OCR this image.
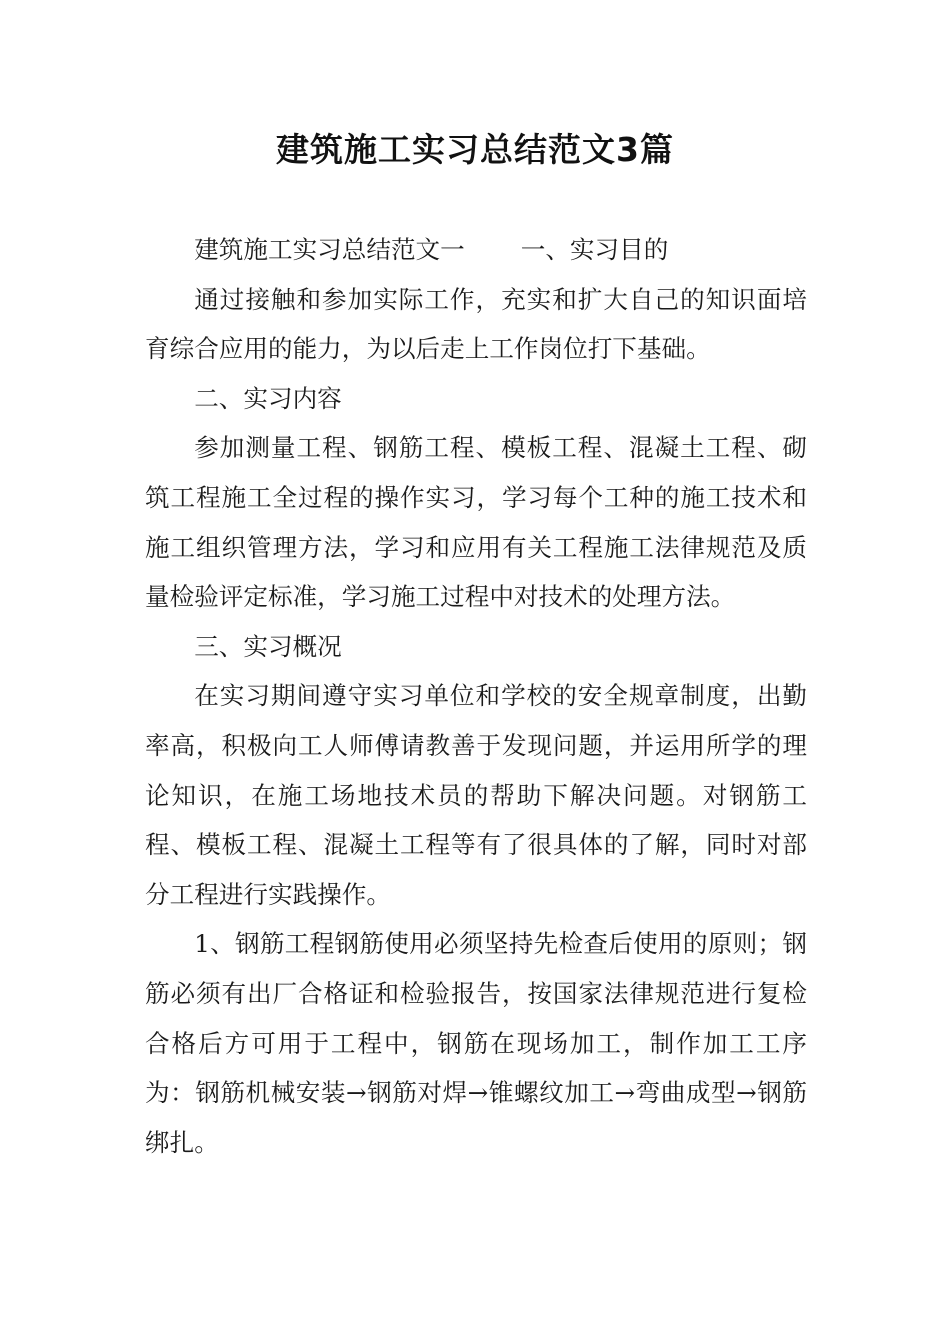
建筑施工实习总结范文3篇

建筑施工实习总结范文一 一、实习目的

通过接触和参加实际工作，充实和扩大自己的知识面培育综合应用的能力，为以后走上工作岗位打下基础。

二、实习内容

参加测量工程、钢筋工程、模板工程、混凝土工程、砌筑工程施工全过程的操作实习，学习每个工种的施工技术和施工组织管理方法，学习和应用有关工程施工法律规范及质量检验评定标准，学习施工过程中对技术的处理方法。

三、实习概况

在实习期间遵守实习单位和学校的安全规章制度，出勤率高，积极向工人师傅请教善于发现问题，并运用所学的理论知识，在施工场地技术员的帮助下解决问题。对钢筋工程、模板工程、混凝土工程等有了很具体的了解，同时对部分工程进行实践操作。

1、钢筋工程钢筋使用必须坚持先检查后使用的原则；钢筋必须有出厂合格证和检验报告，按国家法律规范进行复检合格后方可用于工程中，钢筋在现场加工，制作加工工序为：钢筋机械安装→钢筋对焊→锥螺纹加工→弯曲成型→钢筋绑扎。
